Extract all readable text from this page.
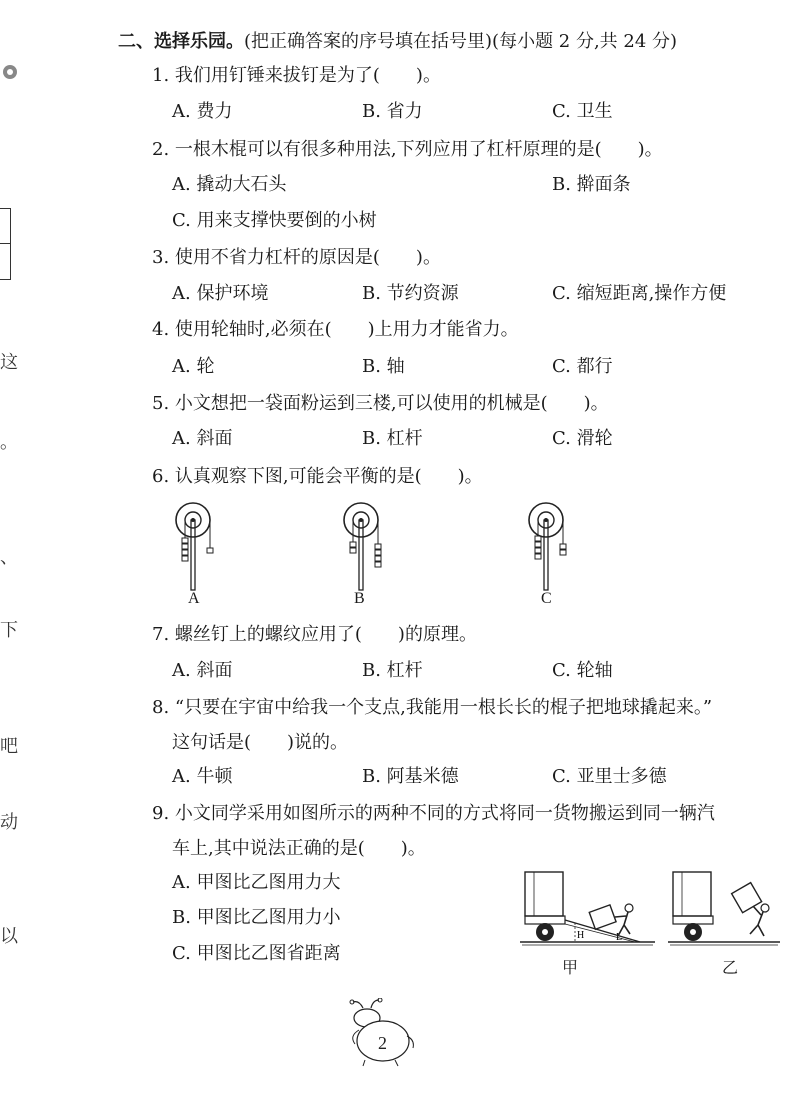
这
。
、
下
吧
动
以
二、选择乐园。(把正确答案的序号填在括号里)(每小题 2 分,共 24 分)
1. 我们用钉锤来拔钉是为了(　　)。
A. 费力	B. 省力	C. 卫生
2. 一根木棍可以有很多种用法,下列应用了杠杆原理的是(　　)。
A. 撬动大石头	B. 擀面条
C. 用来支撑快要倒的小树
3. 使用不省力杠杆的原因是(　　)。
A. 保护环境	B. 节约资源	C. 缩短距离,操作方便
4. 使用轮轴时,必须在(　　)上用力才能省力。
A. 轮	B. 轴	C. 都行
5. 小文想把一袋面粉运到三楼,可以使用的机械是(　　)。
A. 斜面	B. 杠杆	C. 滑轮
6. 认真观察下图,可能会平衡的是(　　)。
A	B	C
7. 螺丝钉上的螺纹应用了(　　)的原理。
A. 斜面	B. 杠杆	C. 轮轴
8. “只要在宇宙中给我一个支点,我能用一根长长的棍子把地球撬起来。”
这句话是(　　)说的。
A. 牛顿	B. 阿基米德	C. 亚里士多德
9. 小文同学采用如图所示的两种不同的方式将同一货物搬运到同一辆汽
车上,其中说法正确的是(　　)。
A. 甲图比乙图用力大
B. 甲图比乙图用力小
C. 甲图比乙图省距离
H	L
甲	乙
2
